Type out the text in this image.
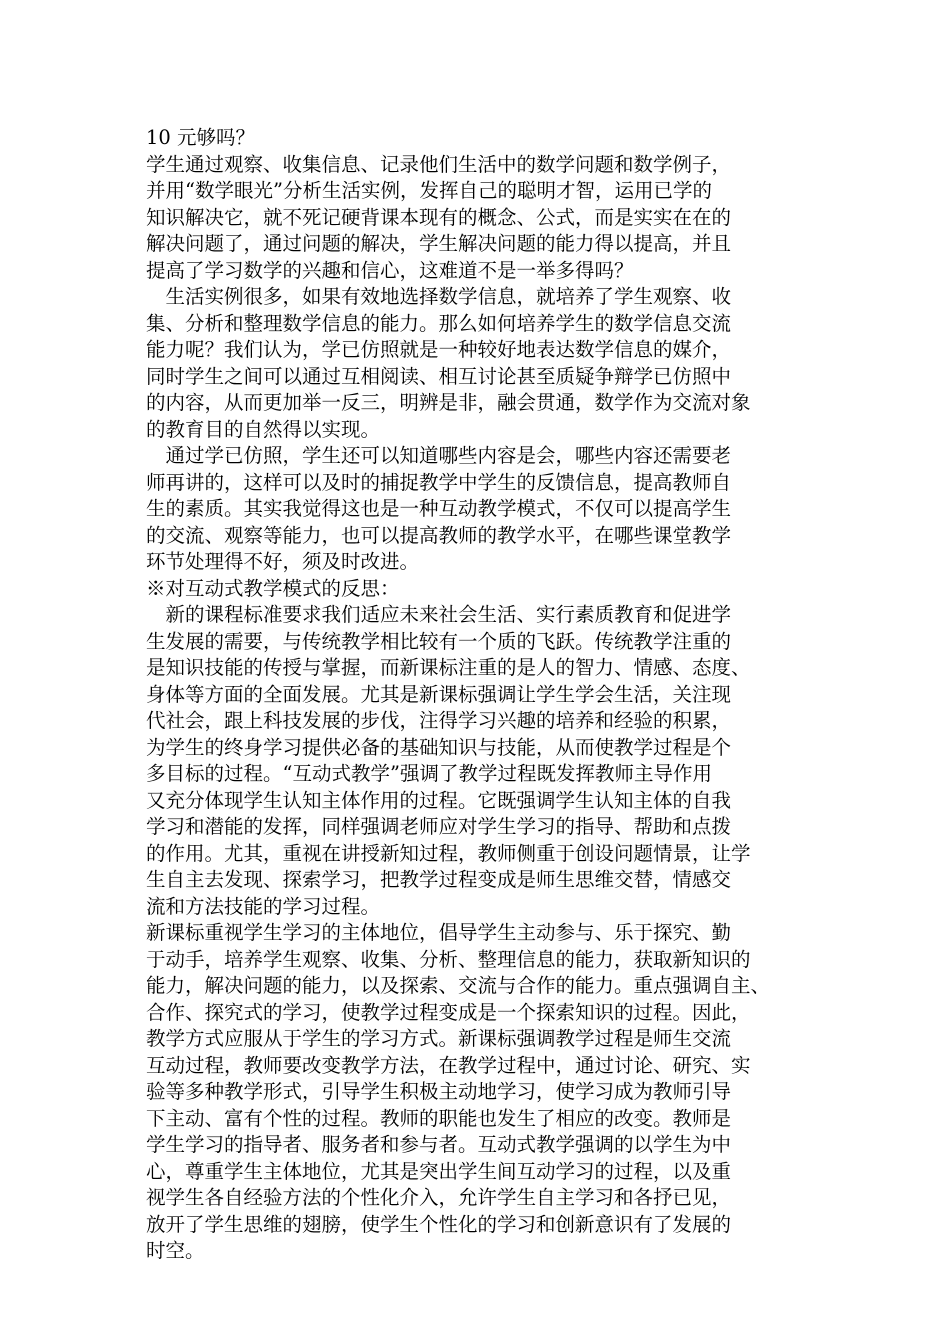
10 元够吗？
学生通过观察、收集信息、记录他们生活中的数学问题和数学例子，
并用“数学眼光”分析生活实例，发挥自己的聪明才智，运用已学的
知识解决它，就不死记硬背课本现有的概念、公式，而是实实在在的
解决问题了，通过问题的解决，学生解决问题的能力得以提高，并且
提高了学习数学的兴趣和信心，这难道不是一举多得吗？
　生活实例很多，如果有效地选择数学信息，就培养了学生观察、收
集、分析和整理数学信息的能力。那么如何培养学生的数学信息交流
能力呢？我们认为，学已仿照就是一种较好地表达数学信息的媒介，
同时学生之间可以通过互相阅读、相互讨论甚至质疑争辩学已仿照中
的内容，从而更加举一反三，明辨是非，融会贯通，数学作为交流对象
的教育目的自然得以实现。
　通过学已仿照，学生还可以知道哪些内容是会，哪些内容还需要老
师再讲的，这样可以及时的捕捉教学中学生的反馈信息，提高教师自
生的素质。其实我觉得这也是一种互动教学模式，不仅可以提高学生
的交流、观察等能力，也可以提高教师的教学水平，在哪些课堂教学
环节处理得不好，须及时改进。
※对互动式教学模式的反思：
　新的课程标准要求我们适应未来社会生活、实行素质教育和促进学
生发展的需要，与传统教学相比较有一个质的飞跃。传统教学注重的
是知识技能的传授与掌握，而新课标注重的是人的智力、情感、态度、
身体等方面的全面发展。尤其是新课标强调让学生学会生活，关注现
代社会，跟上科技发展的步伐，注得学习兴趣的培养和经验的积累，
为学生的终身学习提供必备的基础知识与技能，从而使教学过程是个
多目标的过程。“互动式教学”强调了教学过程既发挥教师主导作用
又充分体现学生认知主体作用的过程。它既强调学生认知主体的自我
学习和潜能的发挥，同样强调老师应对学生学习的指导、帮助和点拨
的作用。尤其，重视在讲授新知过程，教师侧重于创设问题情景，让学
生自主去发现、探索学习，把教学过程变成是师生思维交替，情感交
流和方法技能的学习过程。
新课标重视学生学习的主体地位，倡导学生主动参与、乐于探究、勤
于动手，培养学生观察、收集、分析、整理信息的能力，获取新知识的
能力，解决问题的能力，以及探索、交流与合作的能力。重点强调自主、
合作、探究式的学习，使教学过程变成是一个探索知识的过程。因此，
教学方式应服从于学生的学习方式。新课标强调教学过程是师生交流
互动过程，教师要改变教学方法，在教学过程中，通过讨论、研究、实
验等多种教学形式，引导学生积极主动地学习，使学习成为教师引导
下主动、富有个性的过程。教师的职能也发生了相应的改变。教师是
学生学习的指导者、服务者和参与者。互动式教学强调的以学生为中
心，尊重学生主体地位，尤其是突出学生间互动学习的过程，以及重
视学生各自经验方法的个性化介入，允许学生自主学习和各抒已见，
放开了学生思维的翅膀，使学生个性化的学习和创新意识有了发展的
时空。
